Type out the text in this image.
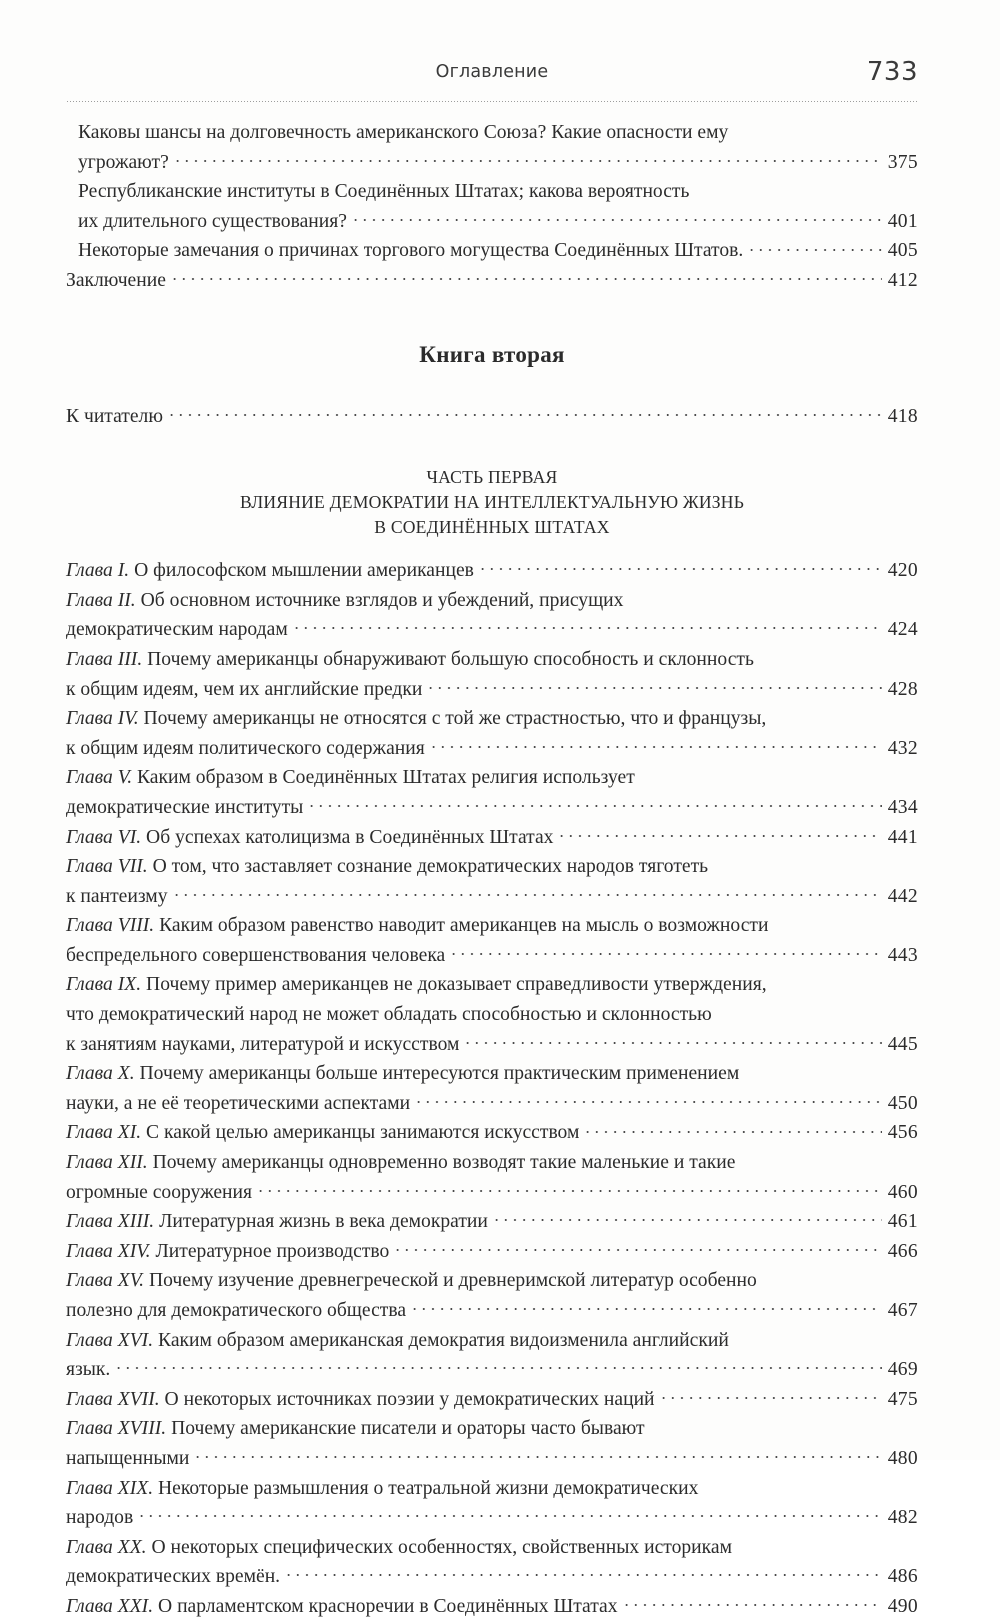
Оглавление	733
Каковы шансы на долговечность американского Союза? Какие опасности ему
угрожают?	375
Республиканские институты в Соединённых Штатах; какова вероятность
их длительного существования?	401
Некоторые замечания о причинах торгового могущества Соединённых Штатов.	405
Заключение	412
Книга вторая
К читателю	418
ЧАСТЬ ПЕРВАЯ
ВЛИЯНИЕ ДЕМОКРАТИИ НА ИНТЕЛЛЕКТУАЛЬНУЮ ЖИЗНЬ
В СОЕДИНЁННЫХ ШТАТАХ
Глава I. О философском мышлении американцев	420
Глава II. Об основном источнике взглядов и убеждений, присущих
демократическим народам	424
Глава III. Почему американцы обнаруживают большую способность и склонность
к общим идеям, чем их английские предки	428
Глава IV. Почему американцы не относятся с той же страстностью, что и французы,
к общим идеям политического содержания	432
Глава V. Каким образом в Соединённых Штатах религия использует
демократические институты	434
Глава VI. Об успехах католицизма в Соединённых Штатах	441
Глава VII. О том, что заставляет сознание демократических народов тяготеть
к пантеизму	442
Глава VIII. Каким образом равенство наводит американцев на мысль о возможности
беспредельного совершенствования человека	443
Глава IX. Почему пример американцев не доказывает справедливости утверждения,
что демократический народ не может обладать способностью и склонностью
к занятиям науками, литературой и искусством	445
Глава X. Почему американцы больше интересуются практическим применением
науки, а не её теоретическими аспектами	450
Глава XI. С какой целью американцы занимаются искусством	456
Глава XII. Почему американцы одновременно возводят такие маленькие и такие
огромные сооружения	460
Глава XIII. Литературная жизнь в века демократии	461
Глава XIV. Литературное производство	466
Глава XV. Почему изучение древнегреческой и древнеримской литератур особенно
полезно для демократического общества	467
Глава XVI. Каким образом американская демократия видоизменила английский
язык.	469
Глава XVII. О некоторых источниках поэзии у демократических наций	475
Глава XVIII. Почему американские писатели и ораторы часто бывают
напыщенными	480
Глава XIX. Некоторые размышления о театральной жизни демократических
народов	482
Глава XX. О некоторых специфических особенностях, свойственных историкам
демократических времён.	486
Глава XXI. О парламентском красноречии в Соединённых Штатах	490
